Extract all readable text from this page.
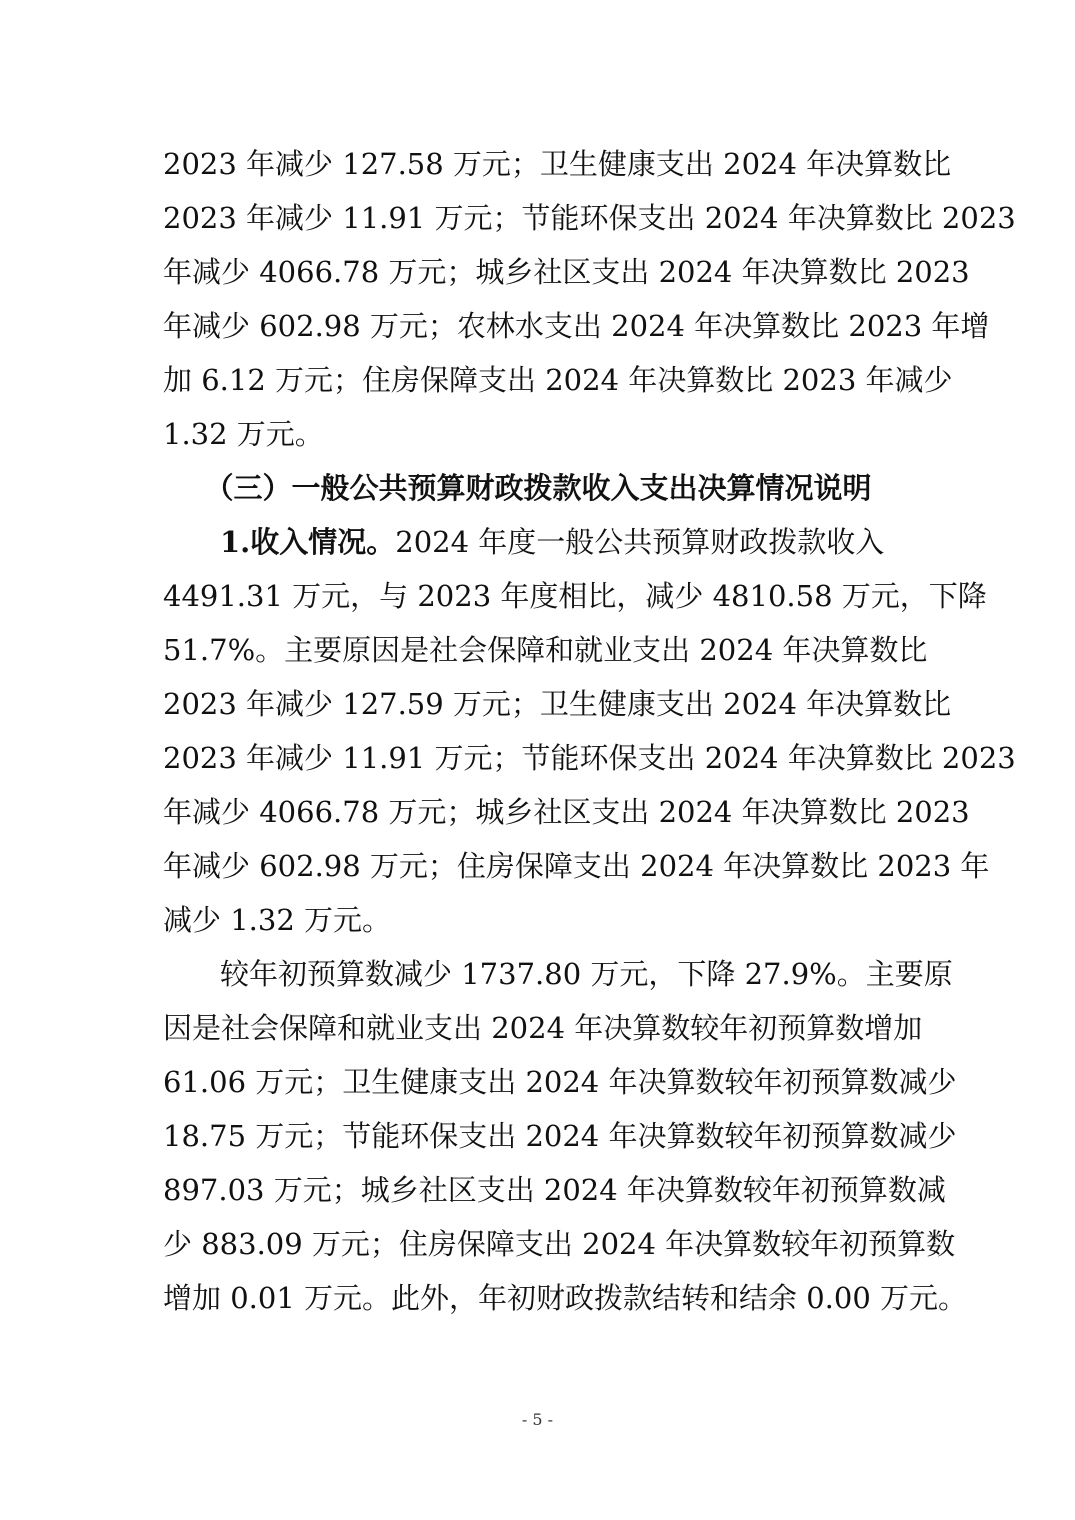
2023 年减少 127.58 万元；卫生健康支出 2024 年决算数比
2023 年减少 11.91 万元；节能环保支出 2024 年决算数比 2023
年减少 4066.78 万元；城乡社区支出 2024 年决算数比 2023
年减少 602.98 万元；农林水支出 2024 年决算数比 2023 年增
加 6.12 万元；住房保障支出 2024 年决算数比 2023 年减少
1.32 万元。
（三）一般公共预算财政拨款收入支出决算情况说明
1.收入情况。2024 年度一般公共预算财政拨款收入
4491.31 万元，与 2023 年度相比，减少 4810.58 万元，下降
51.7%。主要原因是社会保障和就业支出 2024 年决算数比
2023 年减少 127.59 万元；卫生健康支出 2024 年决算数比
2023 年减少 11.91 万元；节能环保支出 2024 年决算数比 2023
年减少 4066.78 万元；城乡社区支出 2024 年决算数比 2023
年减少 602.98 万元；住房保障支出 2024 年决算数比 2023 年
减少 1.32 万元。
较年初预算数减少 1737.80 万元，下降 27.9%。主要原
因是社会保障和就业支出 2024 年决算数较年初预算数增加
61.06 万元；卫生健康支出 2024 年决算数较年初预算数减少
18.75 万元；节能环保支出 2024 年决算数较年初预算数减少
897.03 万元；城乡社区支出 2024 年决算数较年初预算数减
少 883.09 万元；住房保障支出 2024 年决算数较年初预算数
增加 0.01 万元。此外，年初财政拨款结转和结余 0.00 万元。
- 5 -
